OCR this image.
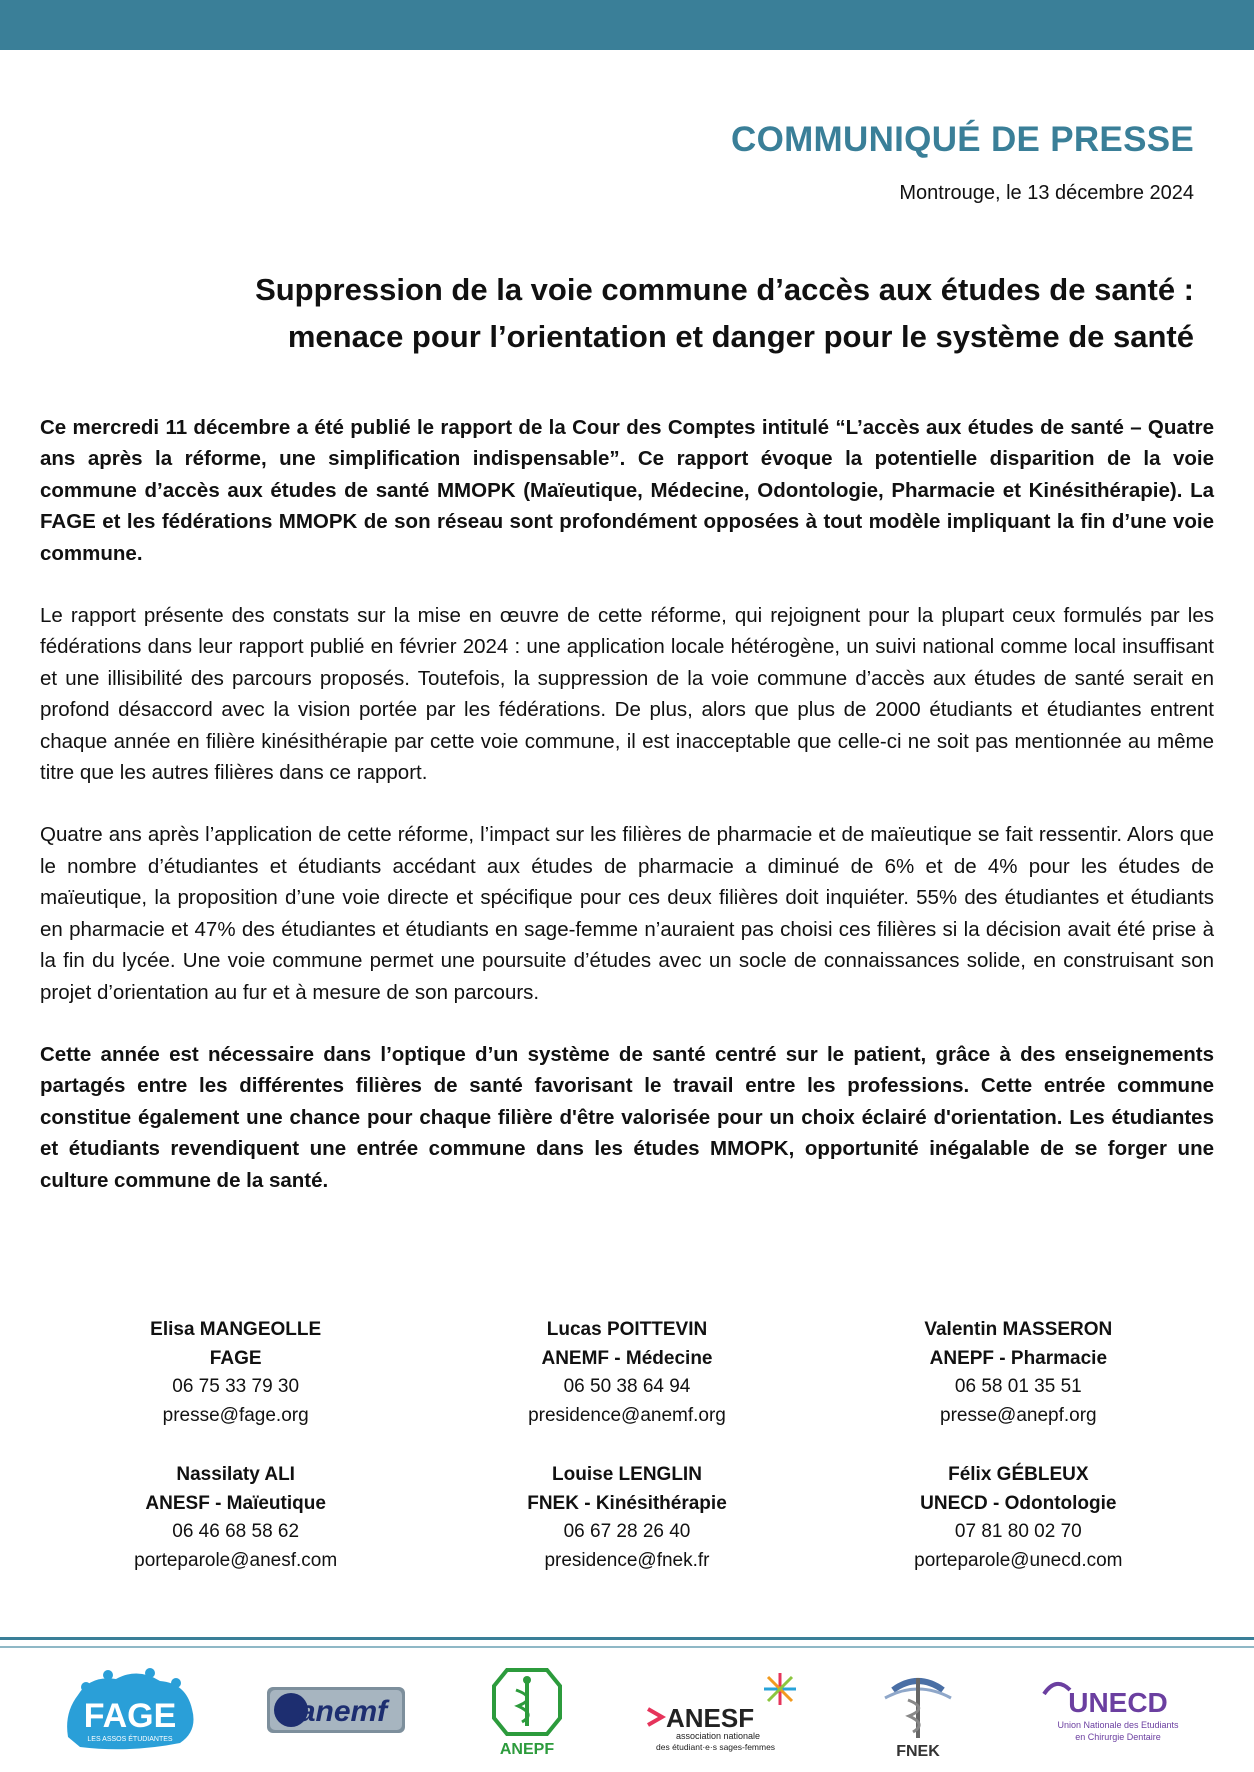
COMMUNIQUÉ DE PRESSE
Montrouge, le 13 décembre 2024
Suppression de la voie commune d’accès aux études de santé :
menace pour l’orientation et danger pour le système de santé

Ce mercredi 11 décembre a été publié le rapport de la Cour des Comptes intitulé “L’accès aux études de santé – Quatre ans après la réforme, une simplification indispensable”. Ce rapport évoque la potentielle disparition de la voie commune d’accès aux études de santé MMOPK (Maïeutique, Médecine, Odontologie, Pharmacie et Kinésithérapie). La FAGE et les fédérations MMOPK de son réseau sont profondément opposées à tout modèle impliquant la fin d’une voie commune.

Le rapport présente des constats sur la mise en œuvre de cette réforme, qui rejoignent pour la plupart ceux formulés par les fédérations dans leur rapport publié en février 2024 : une application locale hétérogène, un suivi national comme local insuffisant et une illisibilité des parcours proposés. Toutefois, la suppression de la voie commune d’accès aux études de santé serait en profond désaccord avec la vision portée par les fédérations. De plus, alors que plus de 2000 étudiants et étudiantes entrent chaque année en filière kinésithérapie par cette voie commune, il est inacceptable que celle-ci ne soit pas mentionnée au même titre que les autres filières dans ce rapport.

Quatre ans après l’application de cette réforme, l’impact sur les filières de pharmacie et de maïeutique se fait ressentir. Alors que le nombre d’étudiantes et étudiants accédant aux études de pharmacie a diminué de 6% et de 4% pour les études de maïeutique, la proposition d’une voie directe et spécifique pour ces deux filières doit inquiéter. 55% des étudiantes et étudiants en pharmacie et 47% des étudiantes et étudiants en sage-femme n’auraient pas choisi ces filières si la décision avait été prise à la fin du lycée. Une voie commune permet une poursuite d’études avec un socle de connaissances solide, en construisant son projet d’orientation au fur et à mesure de son parcours.

Cette année est nécessaire dans l’optique d’un système de santé centré sur le patient, grâce à des enseignements partagés entre les différentes filières de santé favorisant le travail entre les professions. Cette entrée commune constitue également une chance pour chaque filière d'être valorisée pour un choix éclairé d'orientation. Les étudiantes et étudiants revendiquent une entrée commune dans les études MMOPK, opportunité inégalable de se forger une culture commune de la santé.

Elisa MANGEOLLE
FAGE
06 75 33 79 30
presse@fage.org
Lucas POITTEVIN
ANEMF - Médecine
06 50 38 64 94
presidence@anemf.org
Valentin MASSERON
ANEPF - Pharmacie
06 58 01 35 51
presse@anepf.org
Nassilaty ALI
ANESF - Maïeutique
06 46 68 58 62
porteparole@anesf.com
Louise LENGLIN
FNEK - Kinésithérapie
06 67 28 26 40
presidence@fnek.fr
Félix GÉBLEUX
UNECD - Odontologie
07 81 80 02 70
porteparole@unecd.com
FAGE
LES ASSOS ÉTUDIANTES
anemf
ANEPF
ANESF
association nationale
des étudiant·e·s sages-femmes	FNEK
UNECD
Union Nationale des Etudiants
en Chirurgie Dentaire
